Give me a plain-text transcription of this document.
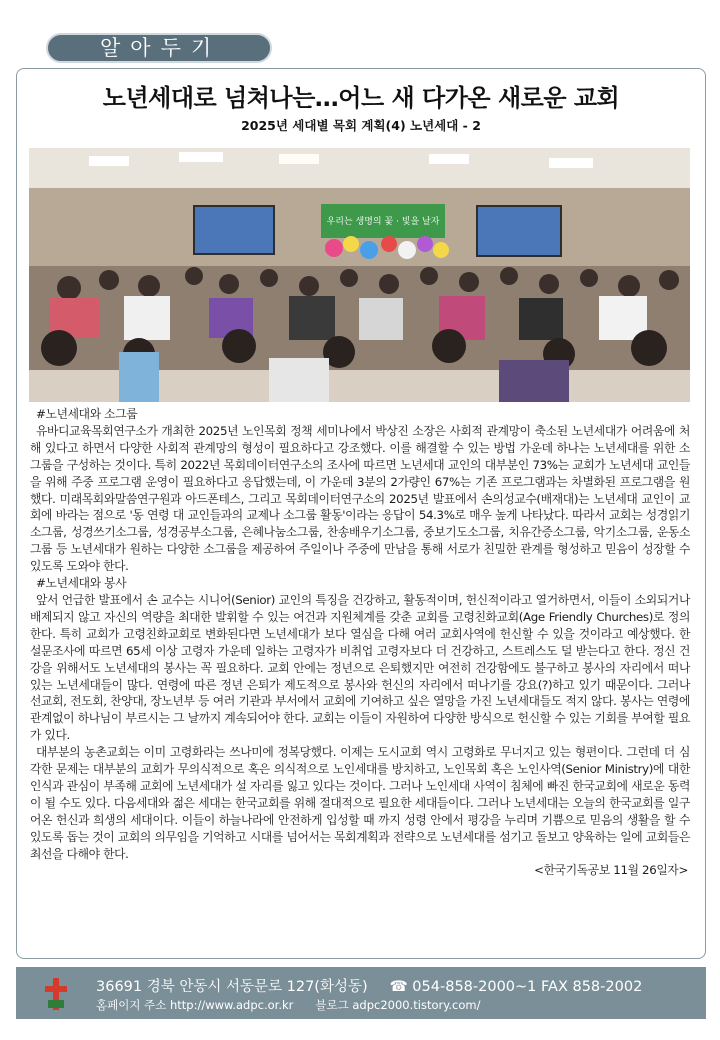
알아두기
노년세대로 넘쳐나는…어느 새 다가온 새로운 교회
2025년 세대별 목회 계획(4) 노년세대 - 2
우리는 생명의 꽃 · 빛을 날자

#노년세대와 소그룹

유바디교육목회연구소가 개최한 2025년 노인목회 정책 세미나에서 박상진 소장은 사회적 관계망이 축소된 노년세대가 어려움에 처해 있다고 하면서 다양한 사회적 관계망의 형성이 필요하다고 강조했다. 이를 해결할 수 있는 방법 가운데 하나는 노년세대를 위한 소그룹을 구성하는 것이다. 특히 2022년 목회데이터연구소의 조사에 따르면 노년세대 교인의 대부분인 73%는 교회가 노년세대 교인들을 위해 주중 프로그램 운영이 필요하다고 응답했는데, 이 가운데 3분의 2가량인 67%는 기존 프로그램과는 차별화된 프로그램을 원했다. 미래목회와말씀연구원과 아드폰테스, 그리고 목회데이터연구소의 2025년 발표에서 손의성교수(배재대)는 노년세대 교인이 교회에 바라는 점으로 '동 연령 대 교인들과의 교제나 소그룹 활동'이라는 응답이 54.3%로 매우 높게 나타났다. 따라서 교회는 성경읽기소그룹, 성경쓰기소그룹, 성경공부소그룹, 은혜나눔소그룹, 찬송배우기소그룹, 중보기도소그룹, 치유간증소그룹, 악기소그룹, 운동소그룹 등 노년세대가 원하는 다양한 소그룹을 제공하여 주일이나 주중에 만남을 통해 서로가 친밀한 관계를 형성하고 믿음이 성장할 수 있도록 도와야 한다.

#노년세대와 봉사

앞서 언급한 발표에서 손 교수는 시니어(Senior) 교인의 특징을 건강하고, 활동적이며, 헌신적이라고 열거하면서, 이들이 소외되거나 배제되지 않고 자신의 역량을 최대한 발휘할 수 있는 여건과 지원체계를 갖춘 교회를 고령친화교회(Age Friendly Churches)로 정의한다. 특히 교회가 고령친화교회로 변화된다면 노년세대가 보다 열심을 다해 여러 교회사역에 헌신할 수 있을 것이라고 예상했다. 한 설문조사에 따르면 65세 이상 고령자 가운데 일하는 고령자가 비취업 고령자보다 더 건강하고, 스트레스도 덜 받는다고 한다. 정신 건강을 위해서도 노년세대의 봉사는 꼭 필요하다. 교회 안에는 정년으로 은퇴했지만 여전히 건강함에도 불구하고 봉사의 자리에서 떠나 있는 노년세대들이 많다. 연령에 따른 정년 은퇴가 제도적으로 봉사와 헌신의 자리에서 떠나기를 강요(?)하고 있기 때문이다. 그러나 선교회, 전도회, 찬양대, 장노년부 등 여러 기관과 부서에서 교회에 기여하고 싶은 열망을 가진 노년세대들도 적지 않다. 봉사는 연령에 관계없이 하나님이 부르시는 그 날까지 계속되어야 한다. 교회는 이들이 자원하여 다양한 방식으로 헌신할 수 있는 기회를 부여할 필요가 있다.

대부분의 농촌교회는 이미 고령화라는 쓰나미에 정복당했다. 이제는 도시교회 역시 고령화로 무너지고 있는 형편이다. 그런데 더 심각한 문제는 대부분의 교회가 무의식적으로 혹은 의식적으로 노인세대를 방치하고, 노인목회 혹은 노인사역(Senior Ministry)에 대한 인식과 관심이 부족해 교회에 노년세대가 설 자리를 잃고 있다는 것이다. 그러나 노인세대 사역이 침체에 빠진 한국교회에 새로운 동력이 될 수도 있다. 다음세대와 젊은 세대는 한국교회를 위해 절대적으로 필요한 세대들이다. 그러나 노년세대는 오늘의 한국교회를 일구어온 헌신과 희생의 세대이다. 이들이 하늘나라에 안전하게 입성할 때 까지 성령 안에서 평강을 누리며 기쁨으로 믿음의 생활을 할 수 있도록 돕는 것이 교회의 의무임을 기억하고 시대를 넘어서는 목회계획과 전략으로 노년세대를 섬기고 돌보고 양육하는 일에 교회들은 최선을 다해야 한다.

<한국기독공보 11월 26일자>

36691 경북 안동시 서동문로 127(화성동) ☎ 054-858-2000~1 FAX 858-2002
홈페이지 주소 http://www.adpc.or.kr 블로그 adpc2000.tistory.com/
